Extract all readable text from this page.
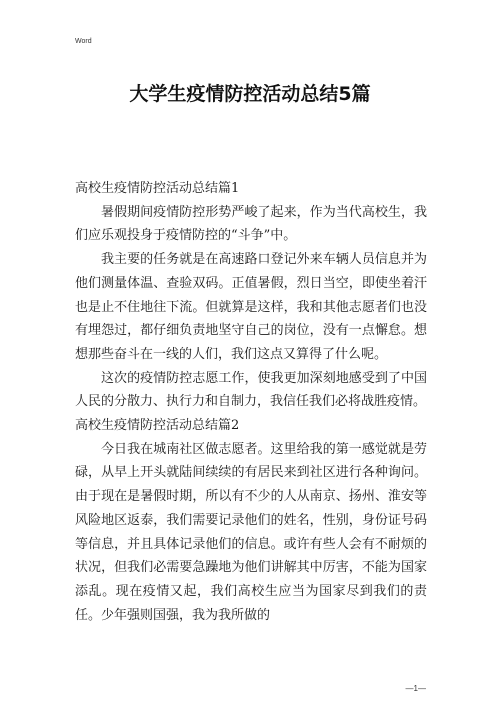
Word
大学生疫情防控活动总结5篇

高校生疫情防控活动总结篇1

暑假期间疫情防控形势严峻了起来，作为当代高校生，我们应乐观投身于疫情防控的“斗争”中。

我主要的任务就是在高速路口登记外来车辆人员信息并为他们测量体温、查验双码。正值暑假，烈日当空，即使坐着汗也是止不住地往下流。但就算是这样，我和其他志愿者们也没有埋怨过，都仔细负责地坚守自己的岗位，没有一点懈怠。想想那些奋斗在一线的人们，我们这点又算得了什么呢。

这次的疫情防控志愿工作，使我更加深刻地感受到了中国人民的分散力、执行力和自制力，我信任我们必将战胜疫情。

高校生疫情防控活动总结篇2

今日我在城南社区做志愿者。这里给我的第一感觉就是劳碌，从早上开头就陆间续续的有居民来到社区进行各种询问。由于现在是暑假时期，所以有不少的人从南京、扬州、淮安等风险地区返泰，我们需要记录他们的姓名，性别，身份证号码等信息，并且具体记录他们的信息。或许有些人会有不耐烦的状况，但我们必需要急躁地为他们讲解其中厉害，不能为国家添乱。现在疫情又起，我们高校生应当为国家尽到我们的责任。少年强则国强，我为我所做的

—1—
